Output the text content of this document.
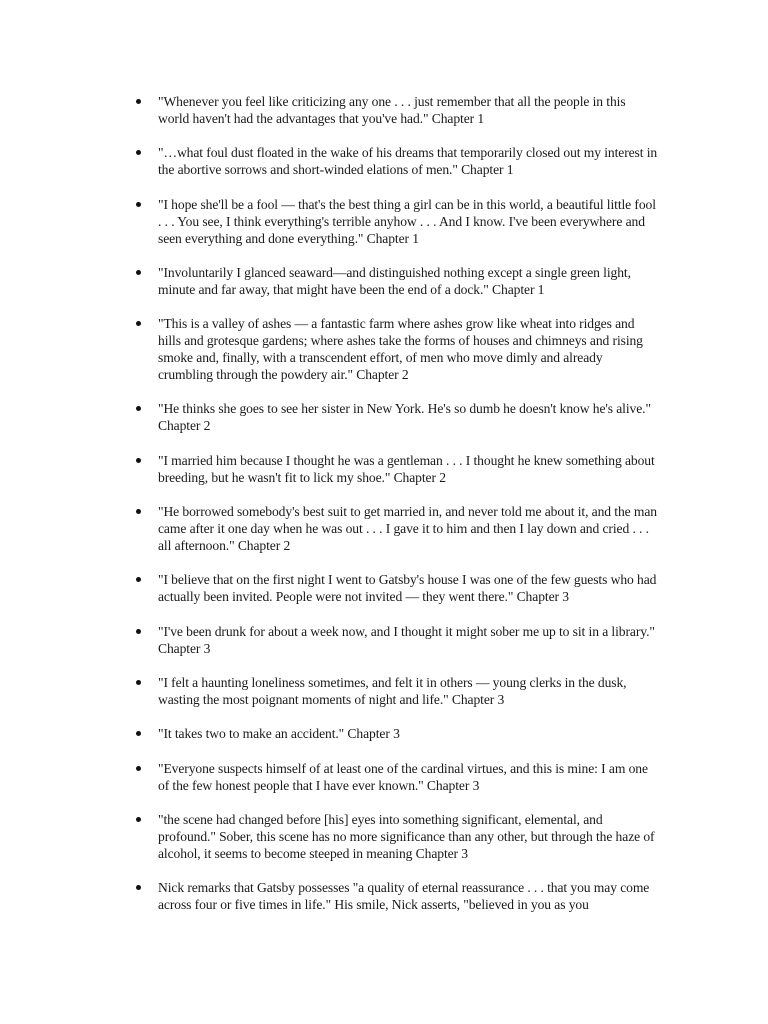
"Whenever you feel like criticizing any one . . . just remember that all the people in this world haven't had the advantages that you've had." Chapter 1
"…what foul dust floated in the wake of his dreams that temporarily closed out my interest in the abortive sorrows and short-winded elations of men." Chapter 1
"I hope she'll be a fool — that's the best thing a girl can be in this world, a beautiful little fool . . . You see, I think everything's terrible anyhow . . . And I know. I've been everywhere and seen everything and done everything." Chapter 1
"Involuntarily I glanced seaward—and distinguished nothing except a single green light, minute and far away, that might have been the end of a dock." Chapter 1
"This is a valley of ashes — a fantastic farm where ashes grow like wheat into ridges and hills and grotesque gardens; where ashes take the forms of houses and chimneys and rising smoke and, finally, with a transcendent effort, of men who move dimly and already crumbling through the powdery air." Chapter 2
"He thinks she goes to see her sister in New York. He's so dumb he doesn't know he's alive." Chapter 2
"I married him because I thought he was a gentleman . . . I thought he knew something about breeding, but he wasn't fit to lick my shoe." Chapter 2
"He borrowed somebody's best suit to get married in, and never told me about it, and the man came after it one day when he was out . . . I gave it to him and then I lay down and cried . . . all afternoon." Chapter 2
"I believe that on the first night I went to Gatsby's house I was one of the few guests who had actually been invited. People were not invited — they went there." Chapter 3
"I've been drunk for about a week now, and I thought it might sober me up to sit in a library." Chapter 3
"I felt a haunting loneliness sometimes, and felt it in others — young clerks in the dusk, wasting the most poignant moments of night and life." Chapter 3
"It takes two to make an accident." Chapter 3
"Everyone suspects himself of at least one of the cardinal virtues, and this is mine: I am one of the few honest people that I have ever known." Chapter 3
"the scene had changed before [his] eyes into something significant, elemental, and profound." Sober, this scene has no more significance than any other, but through the haze of alcohol, it seems to become steeped in meaning Chapter 3
Nick remarks that Gatsby possesses "a quality of eternal reassurance . . . that you may come across four or five times in life." His smile, Nick asserts, "believed in you as you
